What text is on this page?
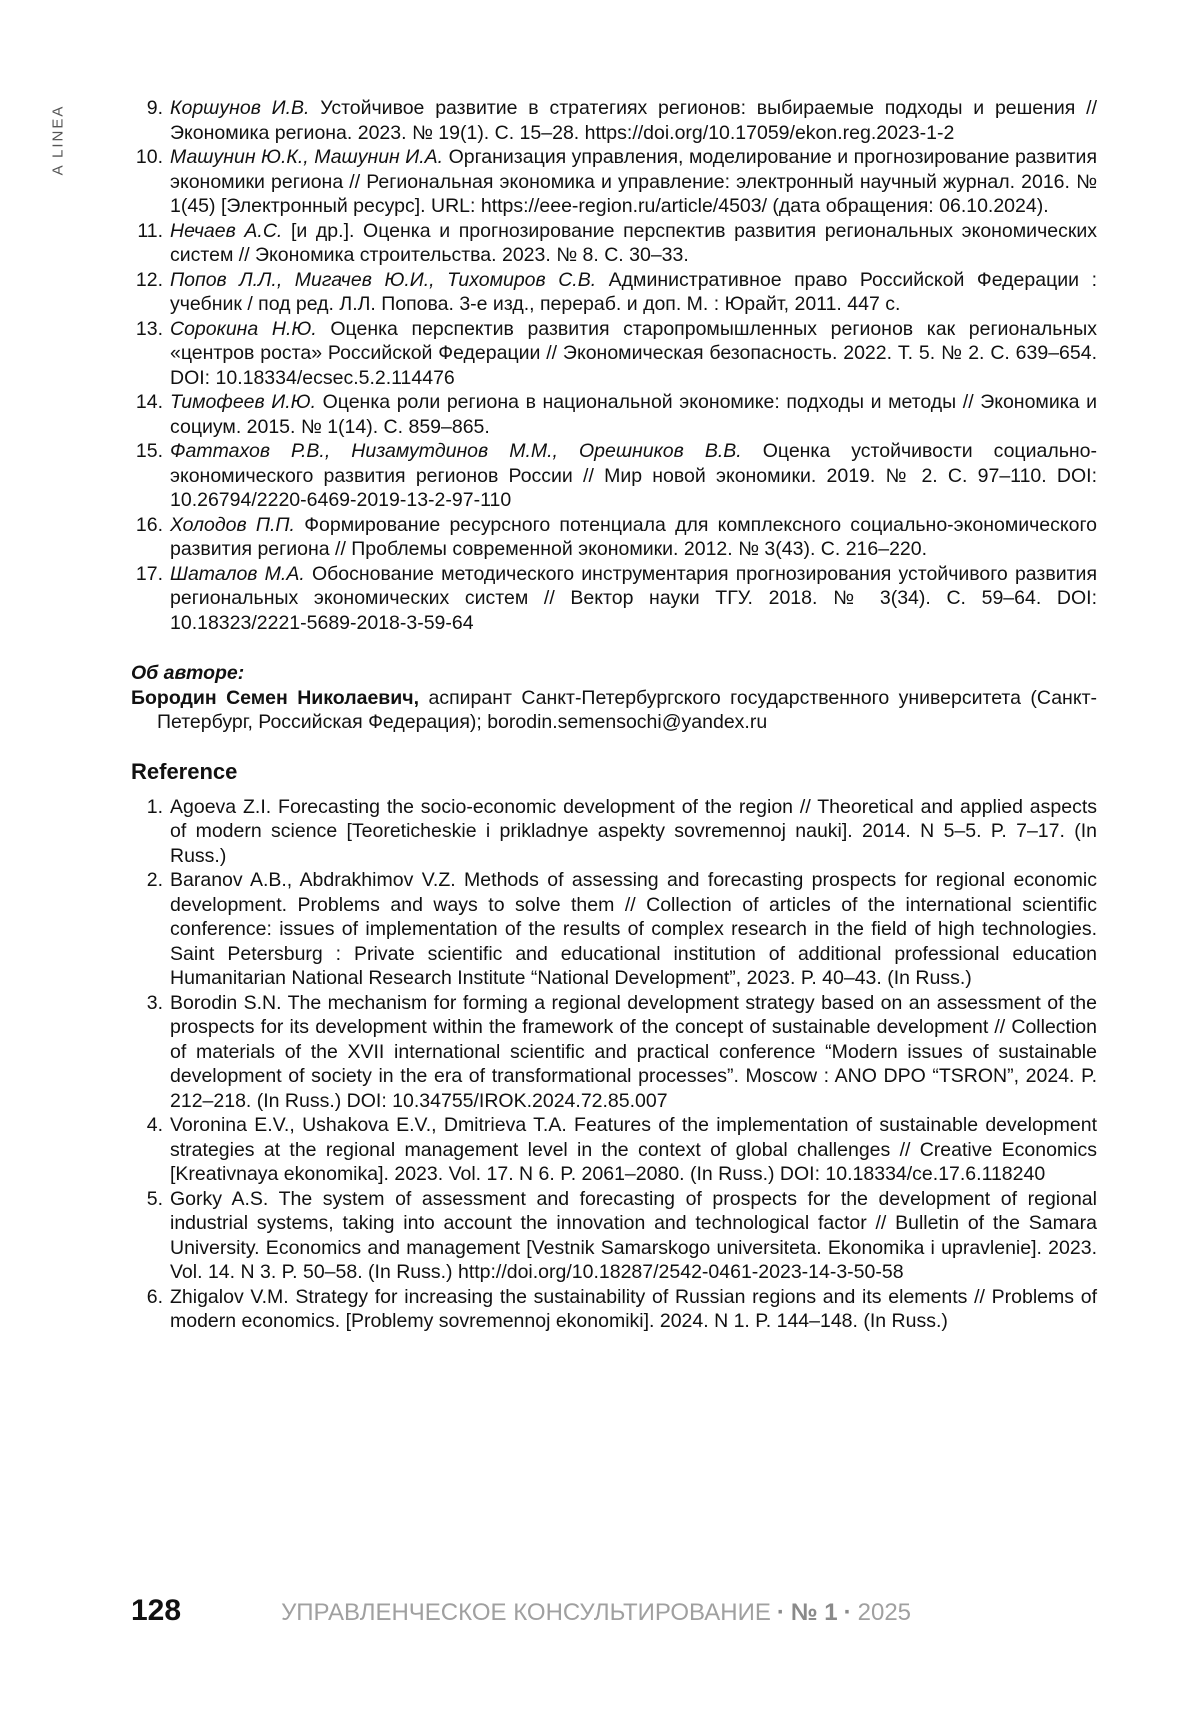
A LINEA	9. Коршунов И.В. Устойчивое развитие в стратегиях регионов: выбираемые подходы и решения // Экономика региона. 2023. № 19(1). С. 15–28. https://doi.org/10.17059/ekon.reg.2023-1-2
10. Машунин Ю.К., Машунин И.А. Организация управления, моделирование и прогнозирование развития экономики региона // Региональная экономика и управление: электронный научный журнал. 2016. № 1(45) [Электронный ресурс]. URL: https://eee-region.ru/article/4503/ (дата обращения: 06.10.2024).
11. Нечаев А.С. [и др.]. Оценка и прогнозирование перспектив развития региональных экономических систем // Экономика строительства. 2023. № 8. С. 30–33.
12. Попов Л.Л., Мигачев Ю.И., Тихомиров С.В. Административное право Российской Федерации : учебник / под ред. Л.Л. Попова. 3-е изд., перераб. и доп. М. : Юрайт, 2011. 447 с.
13. Сорокина Н.Ю. Оценка перспектив развития старопромышленных регионов как региональных «центров роста» Российской Федерации // Экономическая безопасность. 2022. Т. 5. № 2. С. 639–654. DOI: 10.18334/ecsec.5.2.114476
14. Тимофеев И.Ю. Оценка роли региона в национальной экономике: подходы и методы // Экономика и социум. 2015. № 1(14). С. 859–865.
15. Фаттахов Р.В., Низамутдинов М.М., Орешников В.В. Оценка устойчивости социально-экономического развития регионов России // Мир новой экономики. 2019. № 2. С. 97–110. DOI: 10.26794/2220-6469-2019-13-2-97-110
16. Холодов П.П. Формирование ресурсного потенциала для комплексного социально-экономического развития региона // Проблемы современной экономики. 2012. № 3(43). С. 216–220.
17. Шаталов М.А. Обоснование методического инструментария прогнозирования устойчивого развития региональных экономических систем // Вектор науки ТГУ. 2018. № 3(34). С. 59–64. DOI: 10.18323/2221-5689-2018-3-59-64
Об авторе:
Бородин Семен Николаевич, аспирант Санкт-Петербургского государственного университета (Санкт-Петербург, Российская Федерация); borodin.semensochi@yandex.ru
Reference
1. Agoeva Z.I. Forecasting the socio-economic development of the region // Theoretical and applied aspects of modern science [Teoreticheskie i prikladnye aspekty sovremennoj nauki]. 2014. N 5–5. P. 7–17. (In Russ.)
2. Baranov A.B., Abdrakhimov V.Z. Methods of assessing and forecasting prospects for regional economic development. Problems and ways to solve them // Collection of articles of the international scientific conference: issues of implementation of the results of complex research in the field of high technologies. Saint Petersburg : Private scientific and educational institution of additional professional education Humanitarian National Research Institute “National Development”, 2023. P. 40–43. (In Russ.)
3. Borodin S.N. The mechanism for forming a regional development strategy based on an assessment of the prospects for its development within the framework of the concept of sustainable development // Collection of materials of the XVII international scientific and practical conference “Modern issues of sustainable development of society in the era of transformational processes”. Moscow : ANO DPO “TSRON”, 2024. P. 212–218. (In Russ.) DOI: 10.34755/IROK.2024.72.85.007
4. Voronina E.V., Ushakova E.V., Dmitrieva T.A. Features of the implementation of sustainable development strategies at the regional management level in the context of global challenges // Creative Economics [Kreativnaya ekonomika]. 2023. Vol. 17. N 6. P. 2061–2080. (In Russ.) DOI: 10.18334/ce.17.6.118240
5. Gorky A.S. The system of assessment and forecasting of prospects for the development of regional industrial systems, taking into account the innovation and technological factor // Bulletin of the Samara University. Economics and management [Vestnik Samarskogo universiteta. Ekonomika i upravlenie]. 2023. Vol. 14. N 3. P. 50–58. (In Russ.) http://doi.org/10.18287/2542-0461-2023-14-3-50-58
6. Zhigalov V.M. Strategy for increasing the sustainability of Russian regions and its elements // Problems of modern economics. [Problemy sovremennoj ekonomiki]. 2024. N 1. P. 144–148. (In Russ.)
128	УПРАВЛЕНЧЕСКОЕ КОНСУЛЬТИРОВАНИЕ · № 1 · 2025
